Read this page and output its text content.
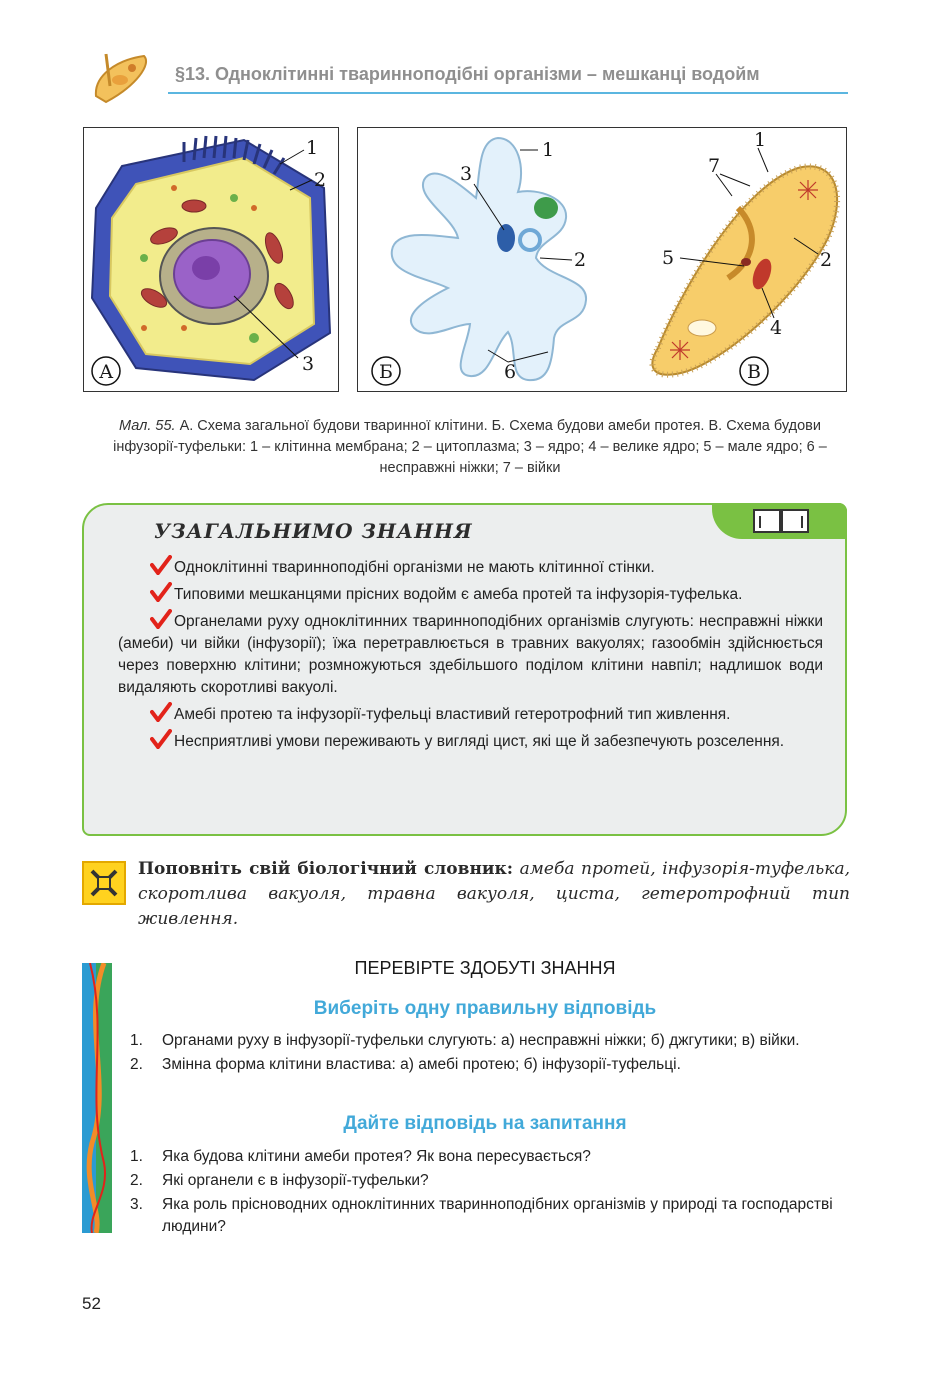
§13. Одноклітинні тваринноподібні організми – мешканці водойм
1
2
3
А
1
2
3
6
Б
1
2
4
5
7
В
Мал. 55. А. Схема загальної будови тваринної клітини. Б. Схема будови амеби протея. В. Схема будови інфузорії-туфельки: 1 – клітинна мембрана; 2 – цитоплазма; 3 – ядро; 4 – велике ядро; 5 – мале ядро; 6 – несправжні ніжки; 7 – війки
УЗАГАЛЬНИМО ЗНАННЯ
Одноклітинні тваринноподібні організми не мають клітинної стінки.
Типовими мешканцями прісних водойм є амеба протей та інфузорія-туфелька.
Органелами руху одноклітинних тваринноподібних організмів слугують: несправжні ніжки (амеби) чи війки (інфузорії); їжа перетравлюється в травних вакуолях; газообмін здійснюється через поверхню клітини; розмножуються здебільшого поділом клітини навпіл; надлишок води видаляють скоротливі вакуолі.
Амебі протею та інфузорії-туфельці властивий гетеротрофний тип живлення.
Несприятливі умови переживають у вигляді цист, які ще й забезпечують розселення.
Поповніть свій біологічний словник: амеба протей, інфузорія-туфелька, скоротлива вакуоля, травна вакуоля, циста, гетеротрофний тип живлення.
ПЕРЕВІРТЕ ЗДОБУТІ ЗНАННЯ
Виберіть одну правильну відповідь
1. Органами руху в інфузорії-туфельки слугують: а) несправжні ніжки; б) джгутики; в) війки.
2. Змінна форма клітини властива: а) амебі протею; б) інфузорії-туфельці.
Дайте відповідь на запитання
1. Яка будова клітини амеби протея? Як вона пересувається?
2. Які органели є в інфузорії-туфельки?
3. Яка роль прісноводних одноклітинних тваринноподібних організмів у природі та господарстві людини?
52
